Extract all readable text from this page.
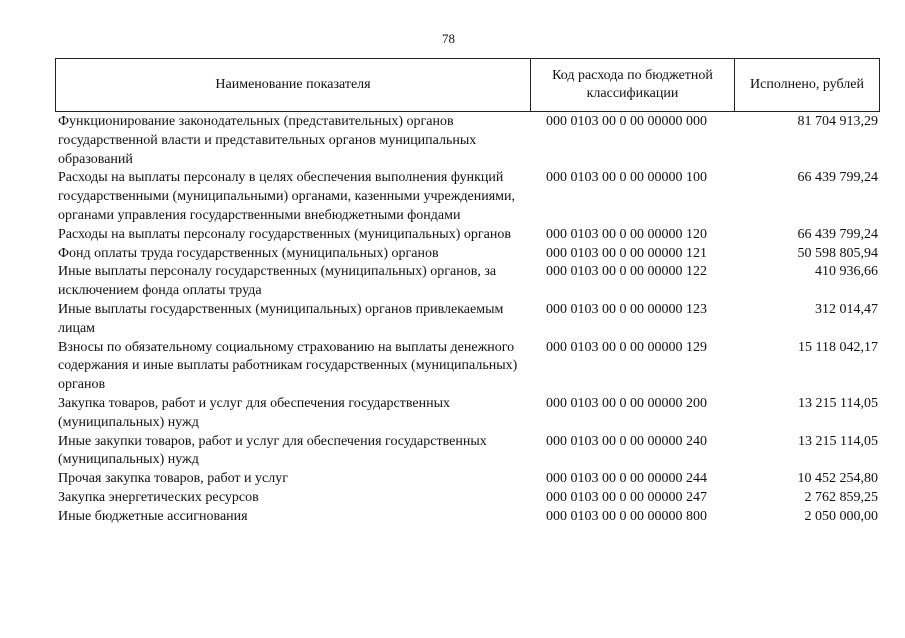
78
Наименование показателя
Код расхода по бюджетной классификации
Исполнено, рублей
Функционирование законодательных (представительных) органов государственной власти и представительных органов муниципальных образований
000 0103 00 0 00 00000 000	81 704 913,29
Расходы на выплаты персоналу в целях обеспечения выполнения функций государственными (муниципальными) органами, казенными учреждениями, органами управления государственными внебюджетными фондами
000 0103 00 0 00 00000 100	66 439 799,24
Расходы на выплаты персоналу государственных (муниципальных) органов	000 0103 00 0 00 00000 120	66 439 799,24
Фонд оплаты труда государственных (муниципальных) органов	000 0103 00 0 00 00000 121	50 598 805,94
Иные выплаты персоналу государственных (муниципальных) органов, за исключением фонда оплаты труда
000 0103 00 0 00 00000 122	410 936,66
Иные выплаты государственных (муниципальных) органов привлекаемым лицам
000 0103 00 0 00 00000 123	312 014,47
Взносы по обязательному социальному страхованию на выплаты денежного содержания и иные выплаты работникам государственных (муниципальных) органов
000 0103 00 0 00 00000 129	15 118 042,17
Закупка товаров, работ и услуг для обеспечения государственных (муниципальных) нужд
000 0103 00 0 00 00000 200	13 215 114,05
Иные закупки товаров, работ и услуг для обеспечения государственных (муниципальных) нужд
000 0103 00 0 00 00000 240	13 215 114,05
Прочая закупка товаров, работ и услуг	000 0103 00 0 00 00000 244	10 452 254,80
Закупка энергетических ресурсов	000 0103 00 0 00 00000 247	2 762 859,25
Иные бюджетные ассигнования	000 0103 00 0 00 00000 800	2 050 000,00
